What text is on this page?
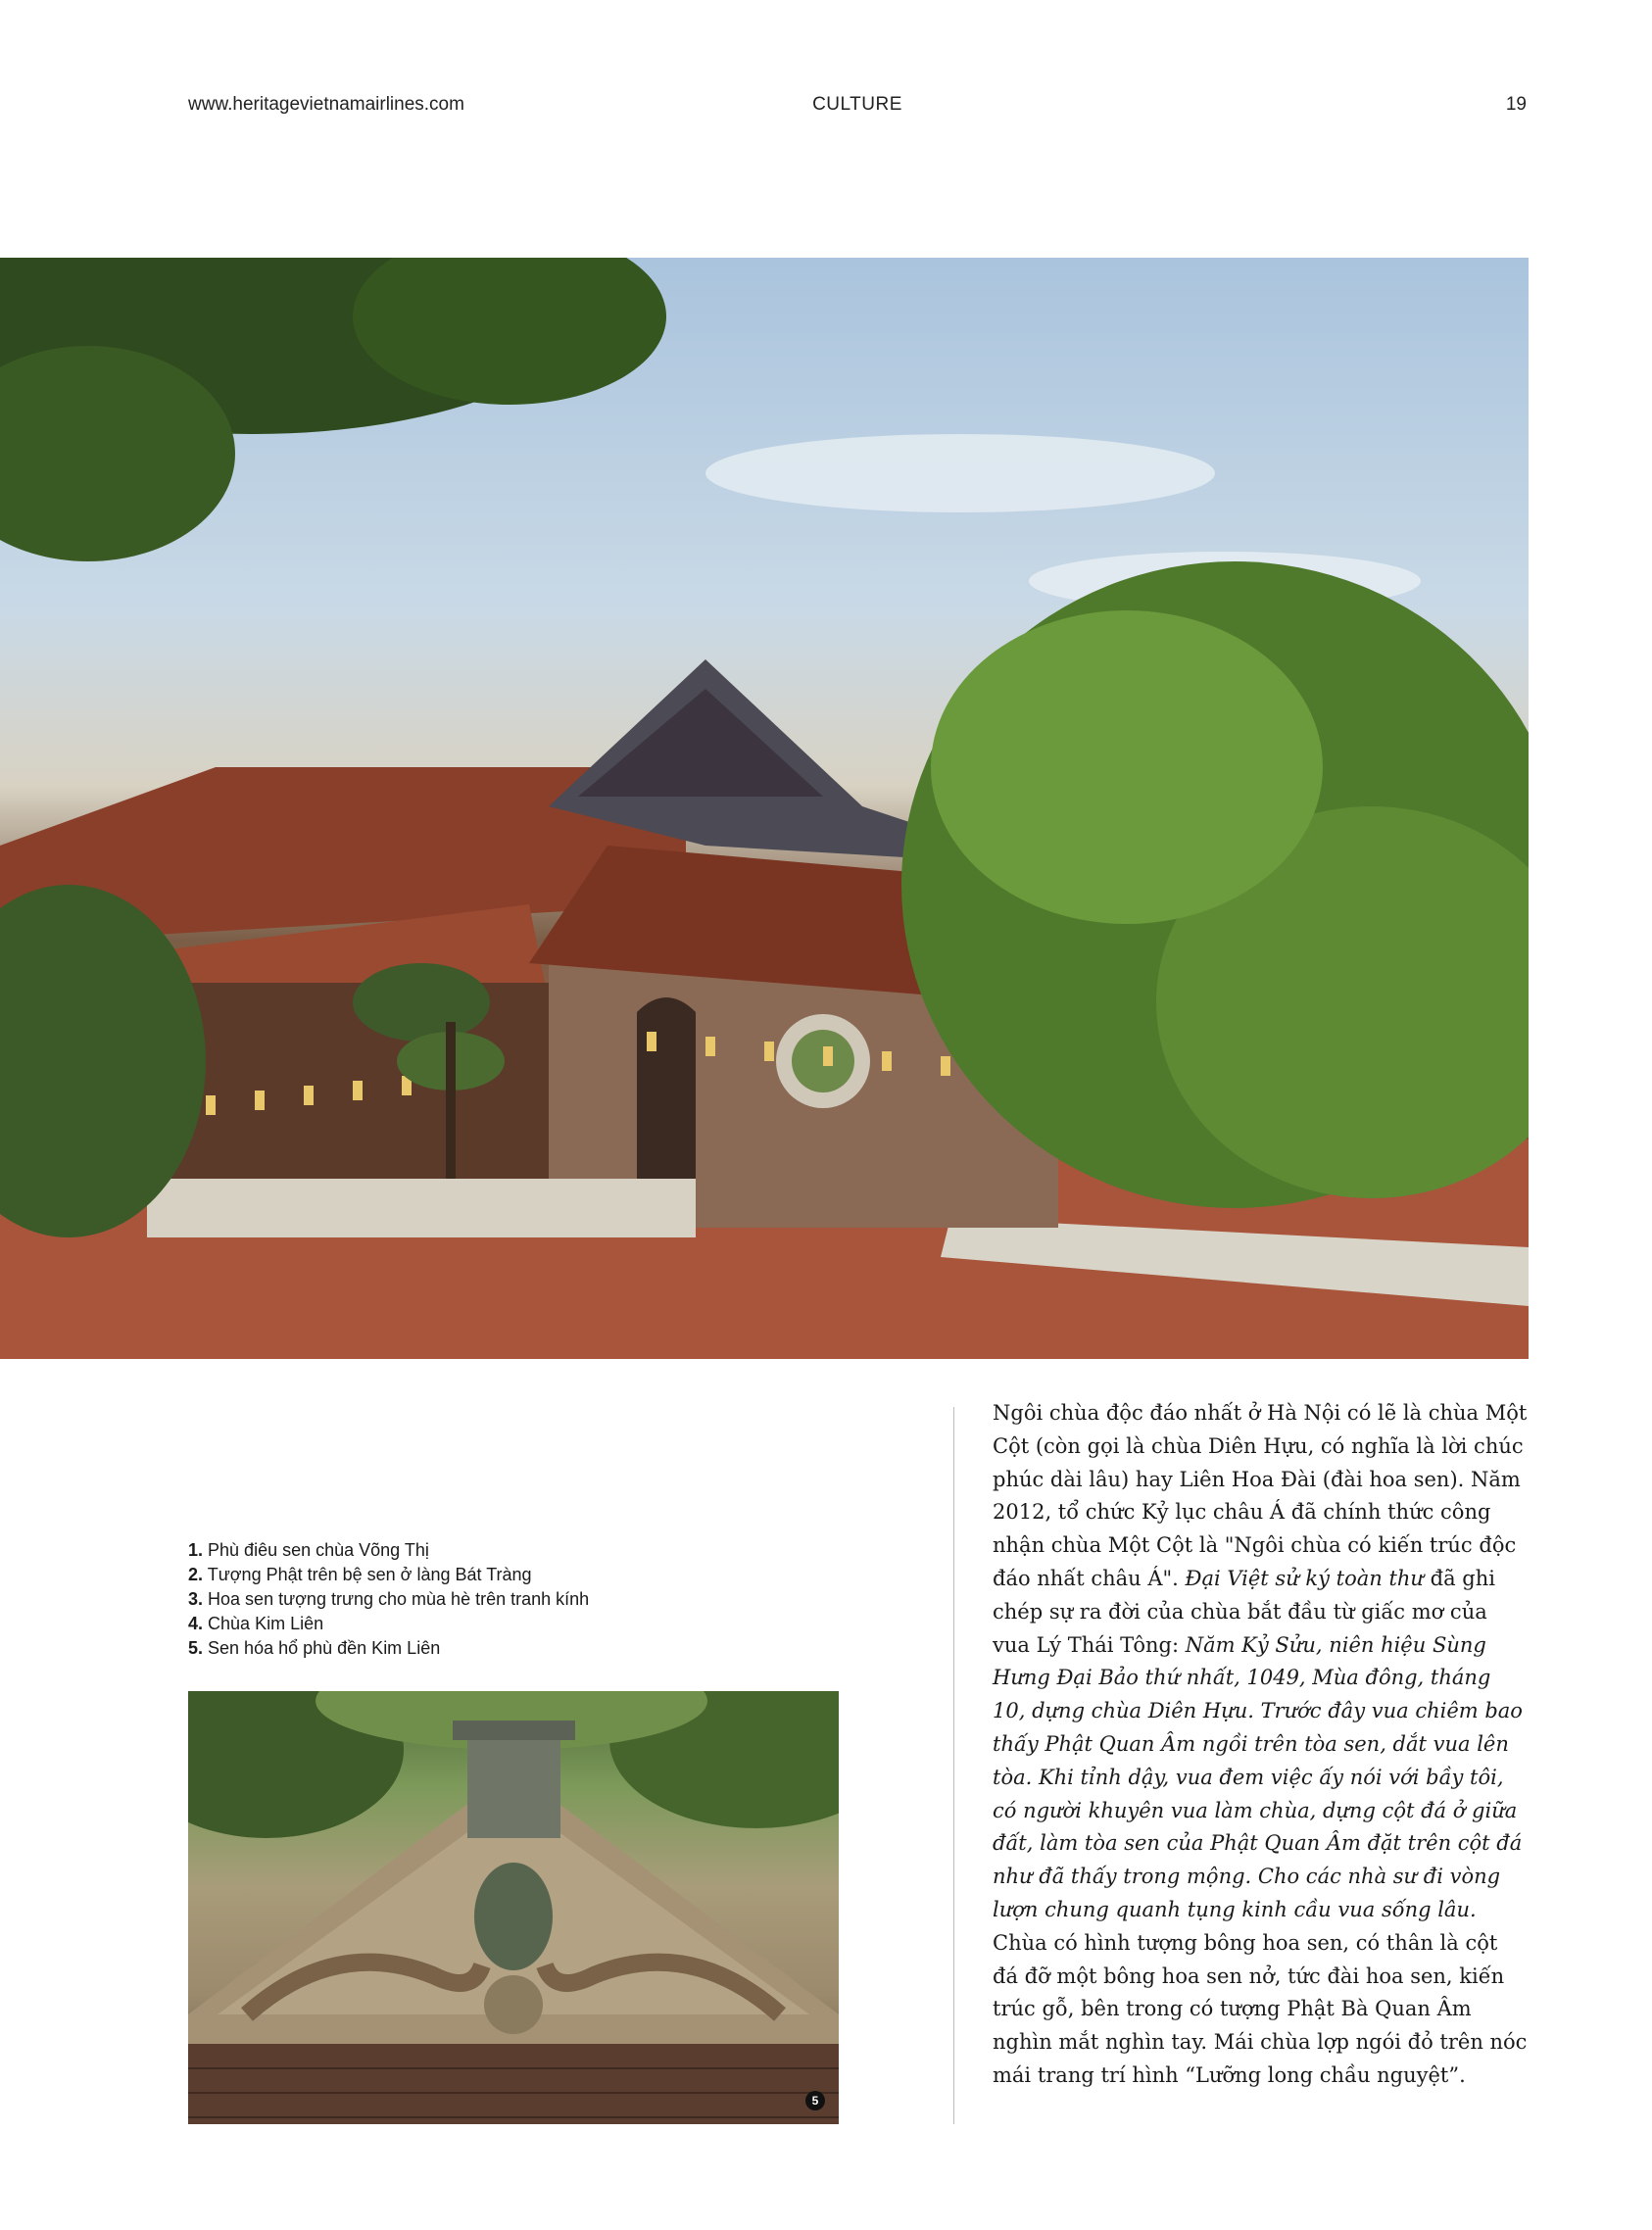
www.heritagevietnamairlines.com	CULTURE	19
1. Phù điêu sen chùa Võng Thị
2. Tượng Phật trên bệ sen ở làng Bát Tràng
3. Hoa sen tượng trưng cho mùa hè trên tranh kính
4. Chùa Kim Liên
5. Sen hóa hổ phù đền Kim Liên
5

Ngôi chùa độc đáo nhất ở Hà Nội có lẽ là chùa Một Cột (còn gọi là chùa Diên Hựu, có nghĩa là lời chúc phúc dài lâu) hay Liên Hoa Đài (đài hoa sen). Năm 2012, tổ chức Kỷ lục châu Á đã chính thức công nhận chùa Một Cột là "Ngôi chùa có kiến trúc độc đáo nhất châu Á". Đại Việt sử ký toàn thư đã ghi chép sự ra đời của chùa bắt đầu từ giấc mơ của vua Lý Thái Tông: Năm Kỷ Sửu, niên hiệu Sùng Hưng Đại Bảo thứ nhất, 1049, Mùa đông, tháng 10, dựng chùa Diên Hựu. Trước đây vua chiêm bao thấy Phật Quan Âm ngồi trên tòa sen, dắt vua lên tòa. Khi tỉnh dậy, vua đem việc ấy nói với bầy tôi, có người khuyên vua làm chùa, dựng cột đá ở giữa đất, làm tòa sen của Phật Quan Âm đặt trên cột đá như đã thấy trong mộng. Cho các nhà sư đi vòng lượn chung quanh tụng kinh cầu vua sống lâu. Chùa có hình tượng bông hoa sen, có thân là cột đá đỡ một bông hoa sen nở, tức đài hoa sen, kiến trúc gỗ, bên trong có tượng Phật Bà Quan Âm nghìn mắt nghìn tay. Mái chùa lợp ngói đỏ trên nóc mái trang trí hình “Lưỡng long chầu nguyệt”.
